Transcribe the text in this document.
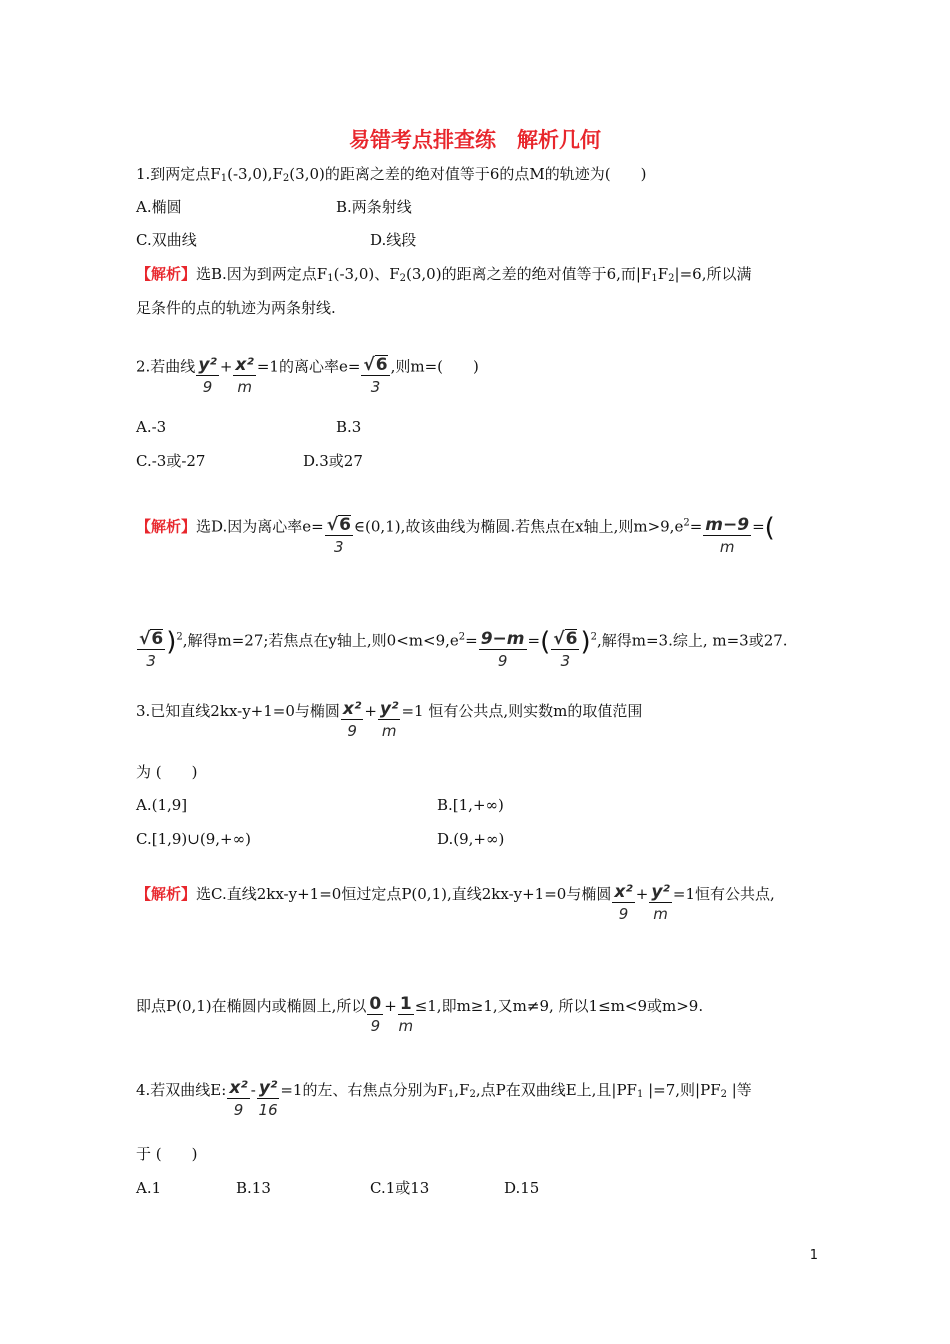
易错考点排查练　解析几何
1.到两定点$F_1(-3,0),F_2(3,0)$的距离之差的绝对值等于6的点M的轨迹为(　　)
A.椭圆	B.两条射线
C.双曲线	D.线段
【解析】选B.因为到两定点$F_1(-3,0)$、$F_2(3,0)$的距离之差的绝对值等于6,而$|F_1F_2|=6$,所以满
足条件的点的轨迹为两条射线.
2.若曲线 $\frac{\text{y²}}{9} + \frac{\text{x²}}{m} =1$的离心率$e= \frac{√6}{3}$ ,则m=(　　)
A.-3	B.3
C.-3或-27	D.3或27
【解析】选D.因为离心率$e= \frac{√6}{3}$ ∈(0,1),故该曲线为椭圆.若焦点在x轴上,则$m>9,e^2= \frac{m-9}{m}$ =(
$\frac{√6}{3} )^2$,解得m=27;若焦点在y轴上,则$0<m<9,e^2= \frac{9-m}{9}$ =( $\frac{√6}{3} )^2$,解得m=3.综上, m=3或27.
3.已知直线2kx-y+1=0与椭圆 $\frac{\text{x²}}{9} + \frac{\text{y²}}{m} =1$ 恒有公共点,则实数m的取值范围
为 (　　)
A.(1,9]	B.[1,+∞)
C.[1,9)∪(9,+∞)	D.(9,+∞)
【解析】选C.直线2kx-y+1=0恒过定点P(0,1),直线2kx-y+1=0与椭圆 $\frac{\text{x²}}{9} + \frac{\text{y²}}{m} =1$恒有公共点,
即点P(0,1)在椭圆内或椭圆上,所以 $\frac{0}{9} + \frac{1}{m} \le 1$,即m≥1,又m≠9, 所以1≤m<9或m>9.
4.若双曲线E: $\frac{\text{x²}}{9} - \frac{\text{y²}}{16} =1$的左、右焦点分别为$F_1,F_2$,点P在双曲线E上,且$|PF_1$ |=7,则$|PF_2$ |等
于 (　　)
A.1	B.13	C.1或13	D.15
1
